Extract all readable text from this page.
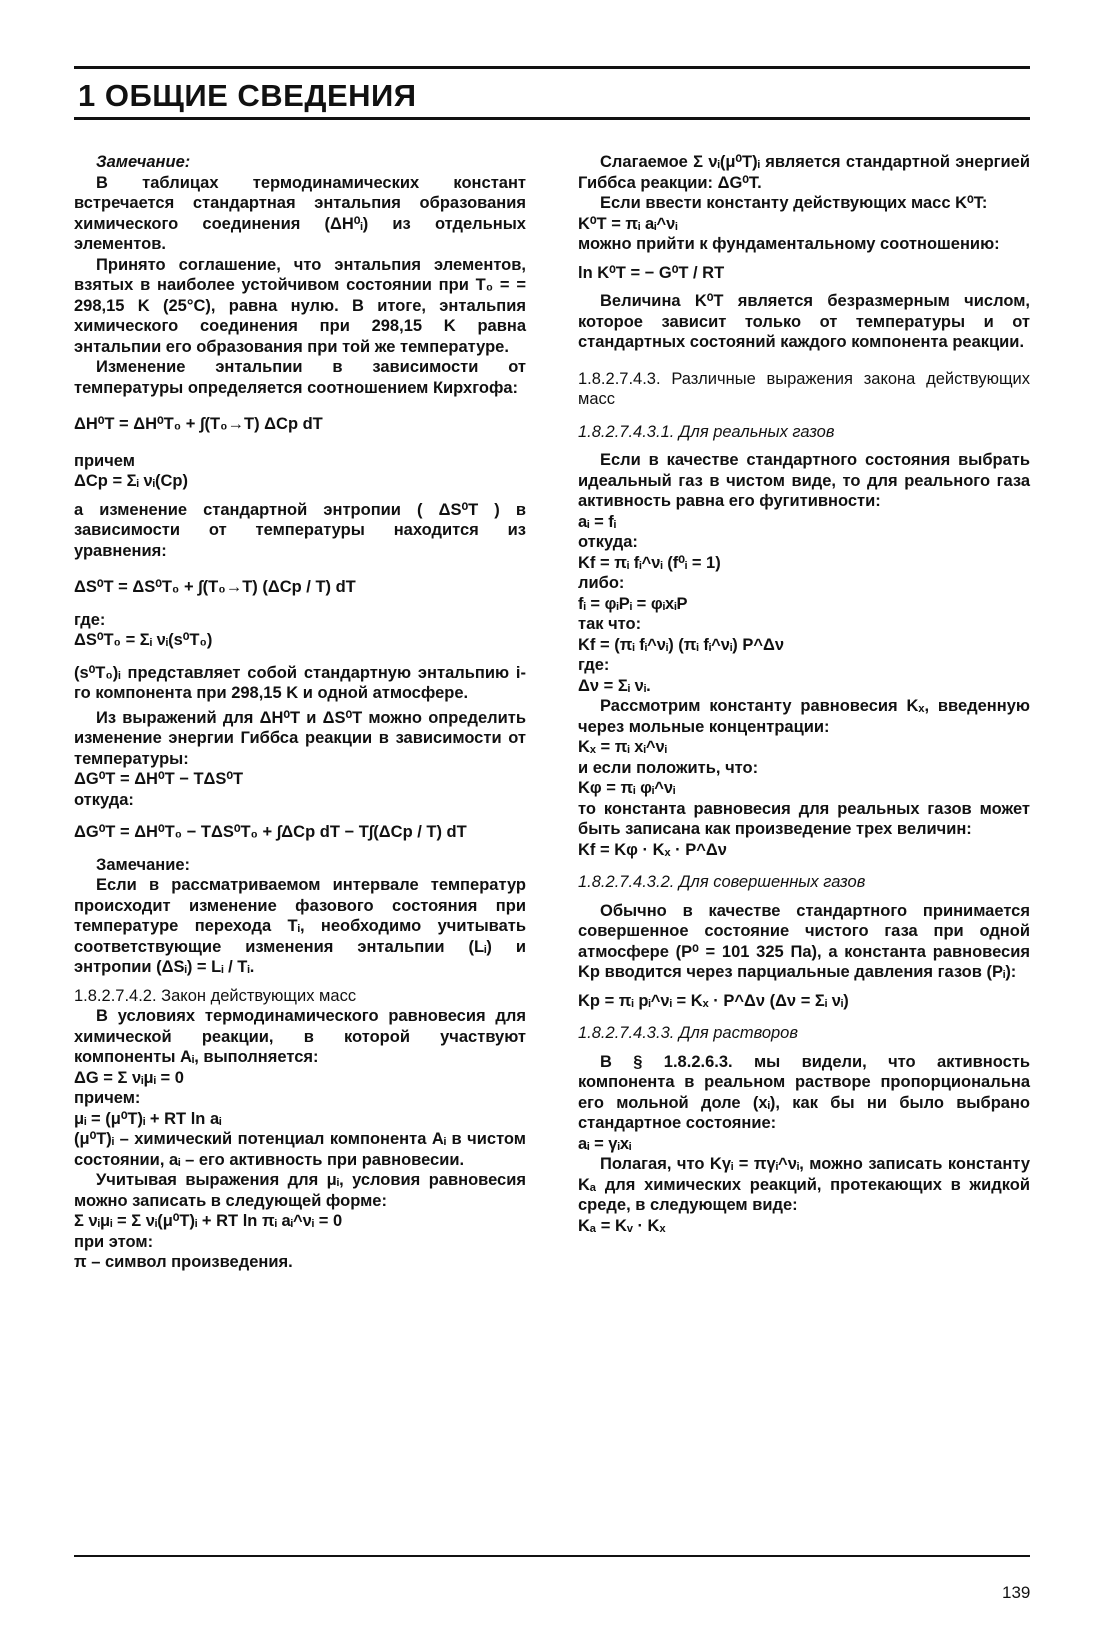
1 ОБЩИЕ СВЕДЕНИЯ

Замечание:

В таблицах термодинамических констант встречается стандартная энтальпия образования химического соединения (ΔH⁰ᵢ) из отдельных элементов.

Принято соглашение, что энтальпия элементов, взятых в наиболее устойчивом состоянии при T₀ = = 298,15 K (25°C), равна нулю. В итоге, энтальпия химического соединения при 298,15 K равна энтальпии его образования при той же температуре.

Изменение энтальпии в зависимости от температуры определяется соотношением Кирхгофа:

ΔH⁰T = ΔH⁰T₀ + ∫(T₀→T) ΔCp dT

причем

ΔCp = Σᵢ νᵢ(Cp)

а изменение стандартной энтропии ( ΔS⁰T ) в зависимости от температуры находится из уравнения:

ΔS⁰T = ΔS⁰T₀ + ∫(T₀→T) (ΔCp / T) dT

где:

ΔS⁰T₀ = Σᵢ νᵢ(s⁰T₀)

(s⁰T₀)ᵢ представляет собой стандартную энтальпию i-го компонента при 298,15 K и одной атмосфере.

Из выражений для ΔH⁰T и ΔS⁰T можно определить изменение энергии Гиббса реакции в зависимости от температуры:

ΔG⁰T = ΔH⁰T − TΔS⁰T

откуда:

ΔG⁰T = ΔH⁰T₀ − TΔS⁰T₀ + ∫ΔCp dT − T∫(ΔCp / T) dT

Замечание:

Если в рассматриваемом интервале температур происходит изменение фазового состояния при температуре перехода Tᵢ, необходимо учитывать соответствующие изменения энтальпии (Lᵢ) и энтропии (ΔSᵢ) = Lᵢ / Tᵢ.

1.8.2.7.4.2. Закон действующих масс

В условиях термодинамического равновесия для химической реакции, в которой участвуют компоненты Aᵢ, выполняется:

ΔG = Σ νᵢμᵢ = 0

причем:

μᵢ = (μ⁰T)ᵢ + RT ln aᵢ

(μ⁰T)ᵢ – химический потенциал компонента Aᵢ в чистом состоянии, aᵢ – его активность при равновесии.

Учитывая выражения для μᵢ, условия равновесия можно записать в следующей форме:

Σ νᵢμᵢ = Σ νᵢ(μ⁰T)ᵢ + RT ln πᵢ aᵢ^νᵢ = 0

при этом:

π – символ произведения.

Слагаемое Σ νᵢ(μ⁰T)ᵢ является стандартной энергией Гиббса реакции: ΔG⁰T.

Если ввести константу действующих масс K⁰T:

K⁰T = πᵢ aᵢ^νᵢ

можно прийти к фундаментальному соотношению:

ln K⁰T = − G⁰T / RT

Величина K⁰T является безразмерным числом, которое зависит только от температуры и от стандартных состояний каждого компонента реакции.

1.8.2.7.4.3. Различные выражения закона действующих масс

1.8.2.7.4.3.1. Для реальных газов

Если в качестве стандартного состояния выбрать идеальный газ в чистом виде, то для реального газа активность равна его фугитивности:

aᵢ = fᵢ

откуда:

Kf = πᵢ fᵢ^νᵢ (f⁰ᵢ = 1)

либо:

fᵢ = φᵢPᵢ = φᵢxᵢP

так что:

Kf = (πᵢ fᵢ^νᵢ) (πᵢ fᵢ^νᵢ) P^Δν

где:

Δν = Σᵢ νᵢ.

Рассмотрим константу равновесия Kₓ, введенную через мольные концентрации:

Kₓ = πᵢ xᵢ^νᵢ

и если положить, что:

Kφ = πᵢ φᵢ^νᵢ

то константа равновесия для реальных газов может быть записана как произведение трех величин:

Kf = Kφ · Kₓ · P^Δν

1.8.2.7.4.3.2. Для совершенных газов

Обычно в качестве стандартного принимается совершенное состояние чистого газа при одной атмосфере (P⁰ = 101 325 Па), а константа равновесия Kp вводится через парциальные давления газов (Pᵢ):

Kp = πᵢ pᵢ^νᵢ = Kₓ · P^Δν (Δν = Σᵢ νᵢ)

1.8.2.7.4.3.3. Для растворов

В § 1.8.2.6.3. мы видели, что активность компонента в реальном растворе пропорциональна его мольной доле (xᵢ), как бы ни было выбрано стандартное состояние:

aᵢ = γᵢxᵢ

Полагая, что Kγᵢ = πγᵢ^νᵢ, можно записать константу Kₐ для химических реакций, протекающих в жидкой среде, в следующем виде:

Kₐ = Kᵥ · Kₓ

139
